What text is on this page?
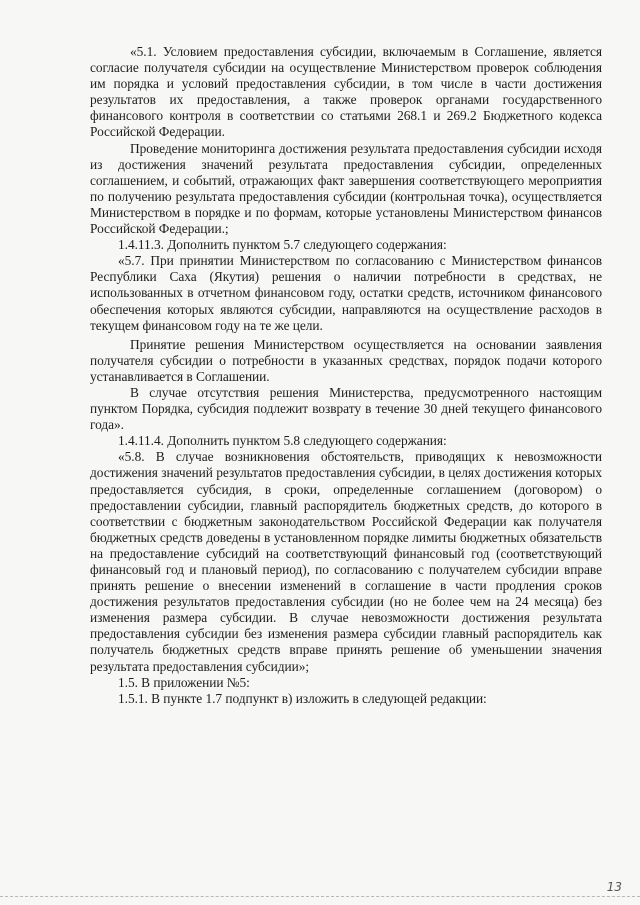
«5.1. Условием предоставления субсидии, включаемым в Соглашение, является согласие получателя субсидии на осуществление Министерством проверок соблюдения им порядка и условий предоставления субсидии, в том числе в части достижения результатов их предоставления, а также проверок органами государственного финансового контроля в соответствии со статьями 268.1 и 269.2 Бюджетного кодекса Российской Федерации.

Проведение мониторинга достижения результата предоставления субсидии исходя из достижения значений результата предоставления субсидии, определенных соглашением, и событий, отражающих факт завершения соответствующего мероприятия по получению результата предоставления субсидии (контрольная точка), осуществляется Министерством в порядке и по формам, которые установлены Министерством финансов Российской Федерации.;

1.4.11.3. Дополнить пунктом 5.7 следующего содержания:

«5.7. При принятии Министерством по согласованию с Министерством финансов Республики Саха (Якутия) решения о наличии потребности в средствах, не использованных в отчетном финансовом году, остатки средств, источником финансового обеспечения которых являются субсидии, направляются на осуществление расходов в текущем финансовом году на те же цели.

Принятие решения Министерством осуществляется на основании заявления получателя субсидии о потребности в указанных средствах, порядок подачи которого устанавливается в Соглашении.

В случае отсутствия решения Министерства, предусмотренного настоящим пунктом Порядка, субсидия подлежит возврату в течение 30 дней текущего финансового года».

1.4.11.4. Дополнить пунктом 5.8 следующего содержания:

«5.8. В случае возникновения обстоятельств, приводящих к невозможности достижения значений результатов предоставления субсидии, в целях достижения которых предоставляется субсидия, в сроки, определенные соглашением (договором) о предоставлении субсидии, главный распорядитель бюджетных средств, до которого в соответствии с бюджетным законодательством Российской Федерации как получателя бюджетных средств доведены в установленном порядке лимиты бюджетных обязательств на предоставление субсидий на соответствующий финансовый год (соответствующий финансовый год и плановый период), по согласованию с получателем субсидии вправе принять решение о внесении изменений в соглашение в части продления сроков достижения результатов предоставления субсидии (но не более чем на 24 месяца) без изменения размера субсидии. В случае невозможности достижения результата предоставления субсидии без изменения размера субсидии главный распорядитель как получатель бюджетных средств вправе принять решение об уменьшении значения результата предоставления субсидии»;

1.5. В приложении №5:

1.5.1. В пункте 1.7 подпункт в) изложить в следующей редакции:

13
